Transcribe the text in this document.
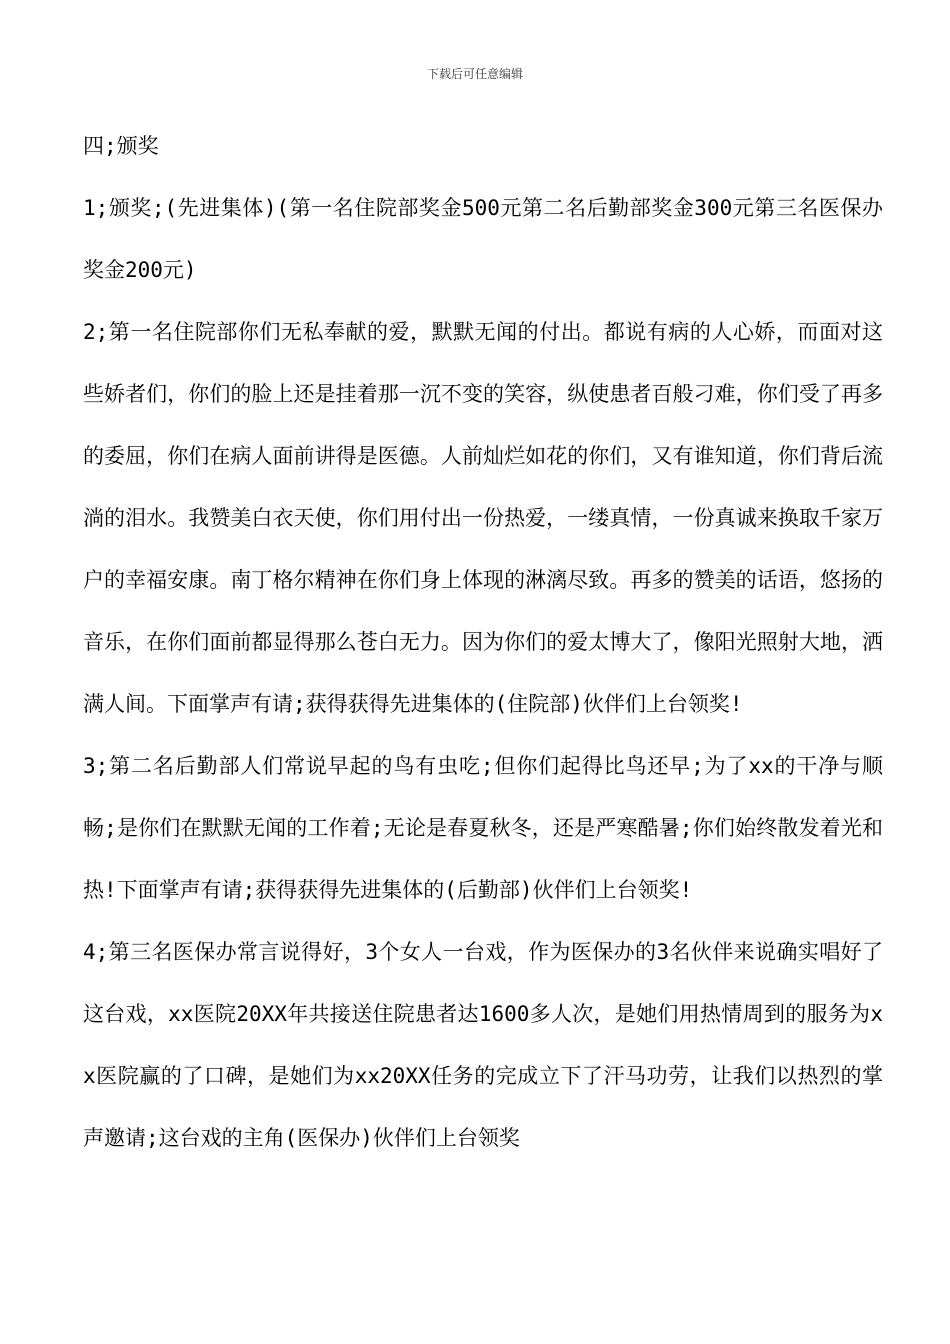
下载后可任意编辑

四;颁奖

1;颁奖;(先进集体)(第一名住院部奖金500元第二名后勤部奖金300元第三名医保办奖金200元)

2;第一名住院部你们无私奉献的爱，默默无闻的付出。都说有病的人心娇，而面对这些娇者们，你们的脸上还是挂着那一沉不变的笑容，纵使患者百般刁难，你们受了再多的委屈，你们在病人面前讲得是医德。人前灿烂如花的你们，又有谁知道，你们背后流淌的泪水。我赞美白衣天使，你们用付出一份热爱，一缕真情，一份真诚来换取千家万户的幸福安康。南丁格尔精神在你们身上体现的淋漓尽致。再多的赞美的话语，悠扬的音乐，在你们面前都显得那么苍白无力。因为你们的爱太博大了，像阳光照射大地，洒满人间。下面掌声有请;获得获得先进集体的(住院部)伙伴们上台领奖!

3;第二名后勤部人们常说早起的鸟有虫吃;但你们起得比鸟还早;为了xx的干净与顺畅;是你们在默默无闻的工作着;无论是春夏秋冬，还是严寒酷暑;你们始终散发着光和热!下面掌声有请;获得获得先进集体的(后勤部)伙伴们上台领奖!

4;第三名医保办常言说得好，3个女人一台戏，作为医保办的3名伙伴来说确实唱好了这台戏，xx医院20XX年共接送住院患者达1600多人次，是她们用热情周到的服务为xx医院赢的了口碑，是她们为xx20XX任务的完成立下了汗马功劳，让我们以热烈的掌声邀请;这台戏的主角(医保办)伙伴们上台领奖
